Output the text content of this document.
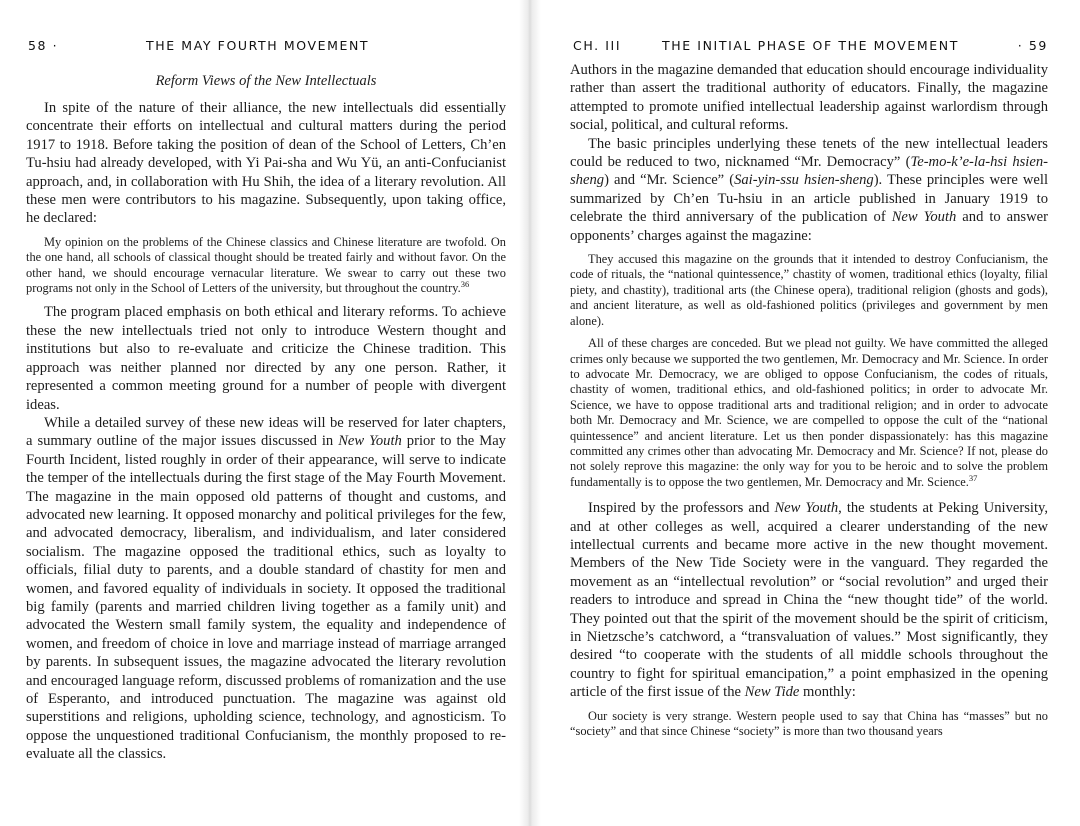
58 ·	THE MAY FOURTH MOVEMENT
Reform Views of the New Intellectuals

In spite of the nature of their alliance, the new intellectuals did essentially concentrate their efforts on intellectual and cultural matters during the period 1917 to 1918. Before taking the position of dean of the School of Letters, Ch’en Tu-hsiu had already developed, with Yi Pai-sha and Wu Yü, an anti-Confucianist approach, and, in collaboration with Hu Shih, the idea of a literary revolution. All these men were contributors to his magazine. Subsequently, upon taking office, he declared:

My opinion on the problems of the Chinese classics and Chinese literature are twofold. On the one hand, all schools of classical thought should be treated fairly and without favor. On the other hand, we should encourage vernacular literature. We swear to carry out these two programs not only in the School of Letters of the university, but throughout the country.$^{36}$

The program placed emphasis on both ethical and literary reforms. To achieve these the new intellectuals tried not only to introduce Western thought and institutions but also to re-evaluate and criticize the Chinese tradition. This approach was neither planned nor directed by any one person. Rather, it represented a common meeting ground for a number of people with divergent ideas.

While a detailed survey of these new ideas will be reserved for later chapters, a summary outline of the major issues discussed in New Youth prior to the May Fourth Incident, listed roughly in order of their appearance, will serve to indicate the temper of the intellectuals during the first stage of the May Fourth Movement. The magazine in the main opposed old patterns of thought and customs, and advocated new learning. It opposed monarchy and political privileges for the few, and advocated democracy, liberalism, and individualism, and later considered socialism. The magazine opposed the traditional ethics, such as loyalty to officials, filial duty to parents, and a double standard of chastity for men and women, and favored equality of individuals in society. It opposed the traditional big family (parents and married children living together as a family unit) and advocated the Western small family system, the equality and independence of women, and freedom of choice in love and marriage instead of marriage arranged by parents. In subsequent issues, the magazine advocated the literary revolution and encouraged language reform, discussed problems of romanization and the use of Esperanto, and introduced punctuation. The magazine was against old superstitions and religions, upholding science, technology, and agnosticism. To oppose the unquestioned traditional Confucianism, the monthly proposed to re-evaluate all the classics.

CH. III	THE INITIAL PHASE OF THE MOVEMENT	· 59

Authors in the magazine demanded that education should encourage individuality rather than assert the traditional authority of educators. Finally, the magazine attempted to promote unified intellectual leadership against warlordism through social, political, and cultural reforms.

The basic principles underlying these tenets of the new intellectual leaders could be reduced to two, nicknamed “Mr. Democracy” (Te-mo-k’e-la-hsi hsien-sheng) and “Mr. Science” (Sai-yin-ssu hsien-sheng). These principles were well summarized by Ch’en Tu-hsiu in an article published in January 1919 to celebrate the third anniversary of the publication of New Youth and to answer opponents’ charges against the magazine:

They accused this magazine on the grounds that it intended to destroy Confucianism, the code of rituals, the “national quintessence,” chastity of women, traditional ethics (loyalty, filial piety, and chastity), traditional arts (the Chinese opera), traditional religion (ghosts and gods), and ancient literature, as well as old-fashioned politics (privileges and government by men alone).

All of these charges are conceded. But we plead not guilty. We have committed the alleged crimes only because we supported the two gentlemen, Mr. Democracy and Mr. Science. In order to advocate Mr. Democracy, we are obliged to oppose Confucianism, the codes of rituals, chastity of women, traditional ethics, and old-fashioned politics; in order to advocate Mr. Science, we have to oppose traditional arts and traditional religion; and in order to advocate both Mr. Democracy and Mr. Science, we are compelled to oppose the cult of the “national quintessence” and ancient literature. Let us then ponder dispassionately: has this magazine committed any crimes other than advocating Mr. Democracy and Mr. Science? If not, please do not solely reprove this magazine: the only way for you to be heroic and to solve the problem fundamentally is to oppose the two gentlemen, Mr. Democracy and Mr. Science.$^{37}$

Inspired by the professors and New Youth, the students at Peking University, and at other colleges as well, acquired a clearer understanding of the new intellectual currents and became more active in the new thought movement. Members of the New Tide Society were in the vanguard. They regarded the movement as an “intellectual revolution” or “social revolution” and urged their readers to introduce and spread in China the “new thought tide” of the world. They pointed out that the spirit of the movement should be the spirit of criticism, in Nietzsche’s catchword, a “transvaluation of values.” Most significantly, they desired “to cooperate with the students of all middle schools throughout the country to fight for spiritual emancipation,” a point emphasized in the opening article of the first issue of the New Tide monthly:

Our society is very strange. Western people used to say that China has “masses” but no “society” and that since Chinese “society” is more than two thousand years
